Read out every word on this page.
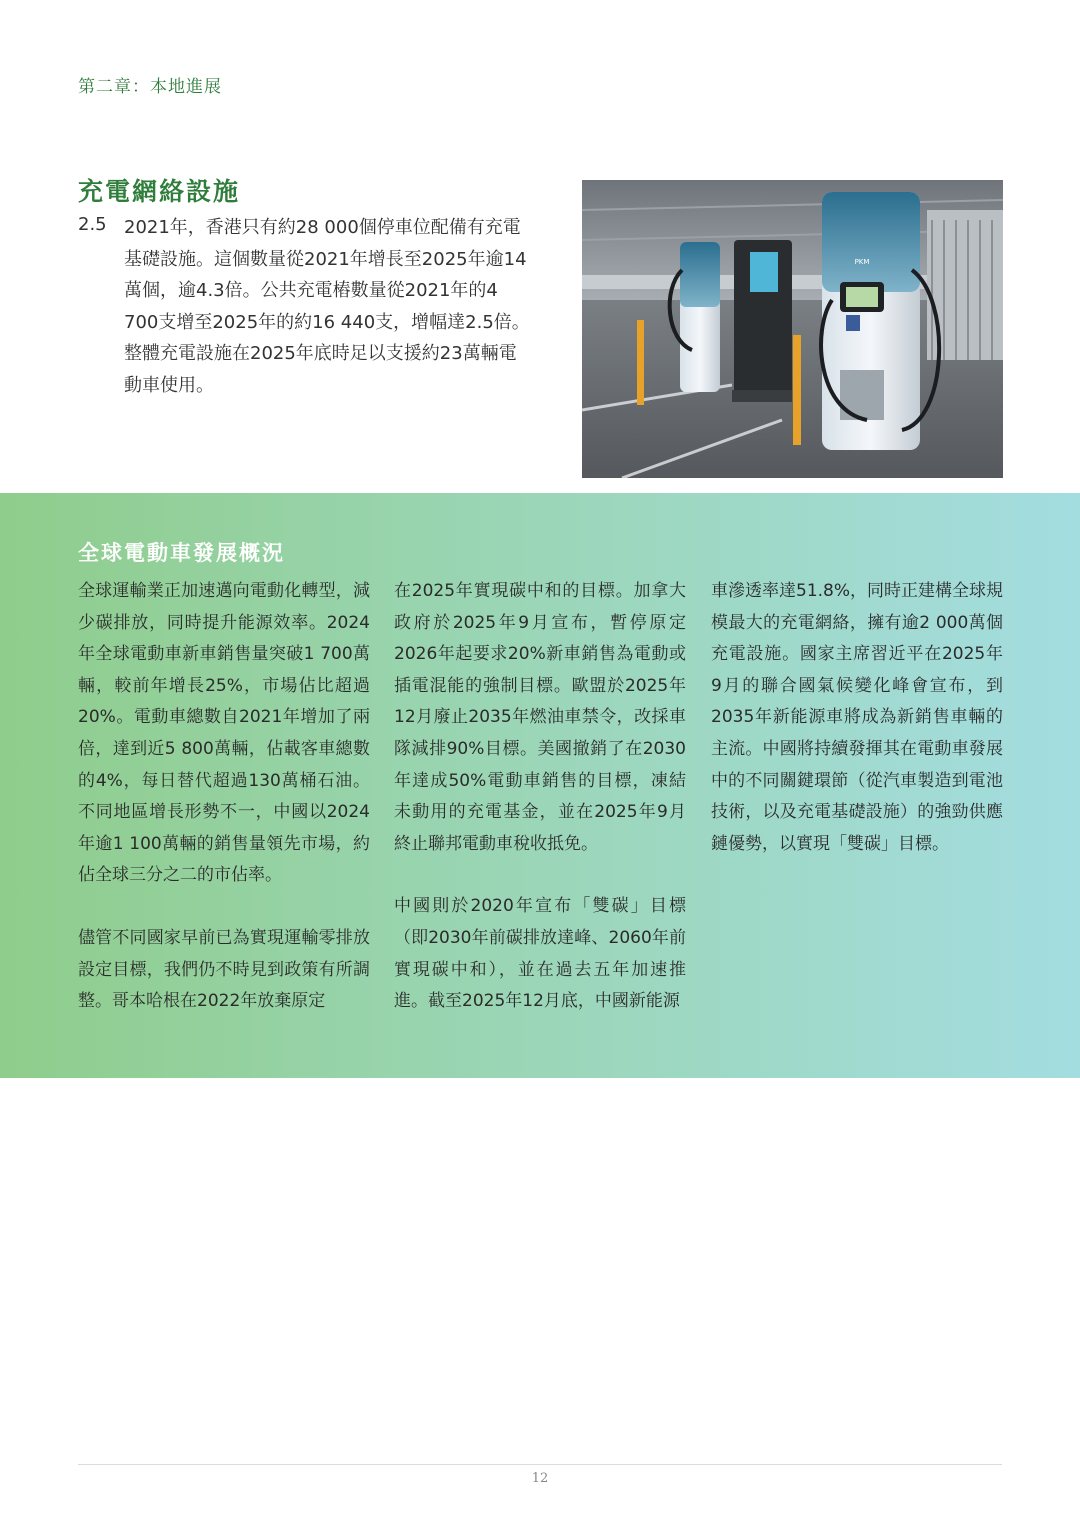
第二章：本地進展
充電網絡設施
2.5 2021年，香港只有約28 000個停車位配備有充電基礎設施。這個數量從2021年增長至2025年逾14萬個，逾4.3倍。公共充電樁數量從2021年的4 700支增至2025年的約16 440支，增幅達2.5倍。整體充電設施在2025年底時足以支援約23萬輛電動車使用。
PKM
全球電動車發展概況

全球運輸業正加速邁向電動化轉型，減少碳排放，同時提升能源效率。2024年全球電動車新車銷售量突破1 700萬輛，較前年增長25%，市場佔比超過20%。電動車總數自2021年增加了兩倍，達到近5 800萬輛，佔載客車總數的4%，每日替代超過130萬桶石油。不同地區增長形勢不一，中國以2024年逾1 100萬輛的銷售量領先市場，約佔全球三分之二的市佔率。

儘管不同國家早前已為實現運輸零排放設定目標，我們仍不時見到政策有所調整。哥本哈根在2022年放棄原定

在2025年實現碳中和的目標。加拿大政府於2025年9月宣布，暫停原定2026年起要求20%新車銷售為電動或插電混能的強制目標。歐盟於2025年12月廢止2035年燃油車禁令，改採車隊減排90%目標。美國撤銷了在2030年達成50%電動車銷售的目標，凍結未動用的充電基金，並在2025年9月終止聯邦電動車稅收抵免。

中國則於2020年宣布「雙碳」目標（即2030年前碳排放達峰、2060年前實現碳中和），並在過去五年加速推進。截至2025年12月底，中國新能源

車滲透率達51.8%，同時正建構全球規模最大的充電網絡，擁有逾2 000萬個充電設施。國家主席習近平在2025年9月的聯合國氣候變化峰會宣布，到2035年新能源車將成為新銷售車輛的主流。中國將持續發揮其在電動車發展中的不同關鍵環節（從汽車製造到電池技術，以及充電基礎設施）的強勁供應鏈優勢，以實現「雙碳」目標。

12
